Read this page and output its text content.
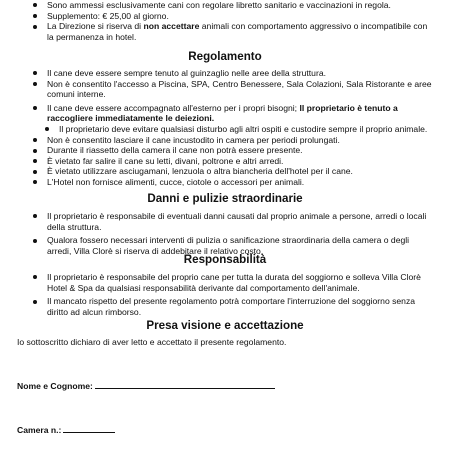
Sono ammessi esclusivamente cani con regolare libretto sanitario e vaccinazioni in regola.
Supplemento: € 25,00 al giorno.
La Direzione si riserva di non accettare animali con comportamento aggressivo o incompatibile con la permanenza in hotel.
Regolamento
Il cane deve essere sempre tenuto al guinzaglio nelle aree della struttura.
Non è consentito l'accesso a Piscina, SPA, Centro Benessere, Sala Colazioni, Sala Ristorante e aree comuni interne.
Il cane deve essere accompagnato all'esterno per i propri bisogni; Il proprietario è tenuto a raccogliere immediatamente le deiezioni.
Il proprietario deve evitare qualsiasi disturbo agli altri ospiti e custodire sempre il proprio animale.
Non è consentito lasciare il cane incustodito in camera per periodi prolungati.
Durante il riassetto della camera il cane non potrà essere presente.
È vietato far salire il cane su letti, divani, poltrone e altri arredi.
È vietato utilizzare asciugamani, lenzuola o altra biancheria dell'hotel per il cane.
L'Hotel non fornisce alimenti, cucce, ciotole o accessori per animali.
Danni e pulizie straordinarie
Il proprietario è responsabile di eventuali danni causati dal proprio animale a persone, arredi o locali della struttura.
Qualora fossero necessari interventi di pulizia o sanificazione straordinaria della camera o degli arredi, Villa Clorè si riserva di addebitare il relativo costo.
Responsabilità
Il proprietario è responsabile del proprio cane per tutta la durata del soggiorno e solleva Villa Clorè Hotel & Spa da qualsiasi responsabilità derivante dal comportamento dell'animale.
Il mancato rispetto del presente regolamento potrà comportare l'interruzione del soggiorno senza diritto ad alcun rimborso.
Presa visione e accettazione
Io sottoscritto dichiaro di aver letto e accettato il presente regolamento.
Nome e Cognome:
Camera n.:
